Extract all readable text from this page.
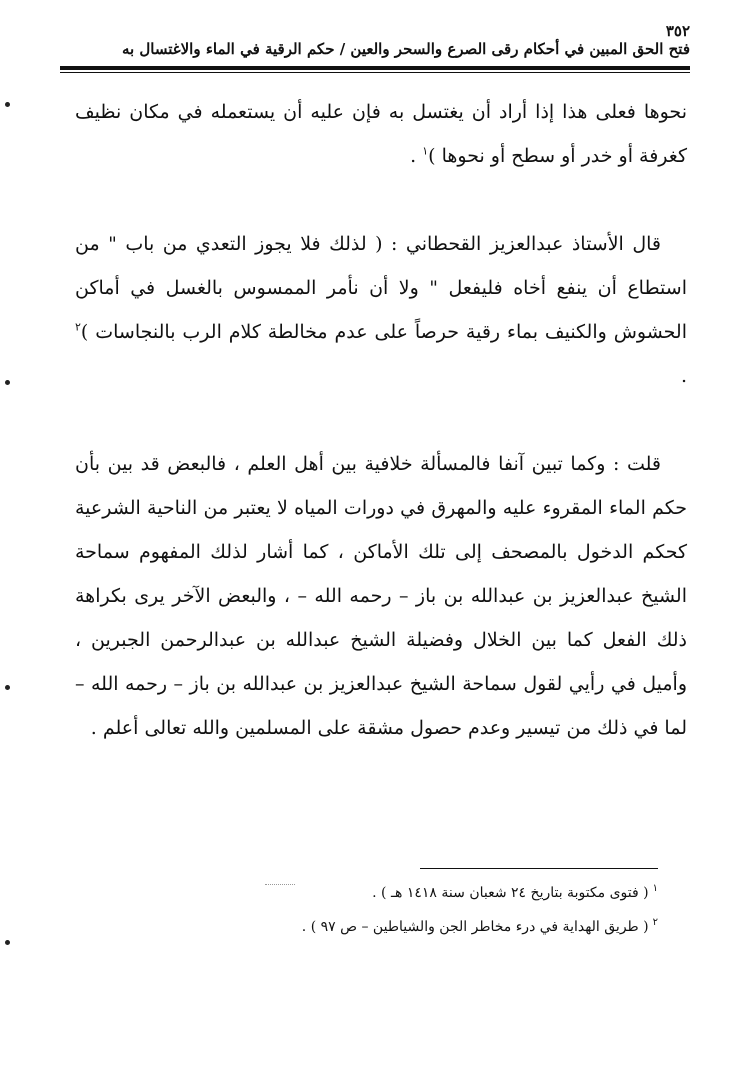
٣٥٢
فتح الحق المبين في أحكام رقى الصرع والسحر والعين / حكم الرقية في الماء والاغتسال به

نحوها فعلى هذا إذا أراد أن يغتسل به فإن عليه أن يستعمله في مكان نظيف كغرفة أو خدر أو سطح أو نحوها )$^١$ .

قال الأستاذ عبدالعزيز القحطاني : ( لذلك فلا يجوز التعدي من باب " من استطاع أن ينفع أخاه فليفعل " ولا أن نأمر الممسوس بالغسل في أماكن الحشوش والكنيف بماء رقية حرصاً على عدم مخالطة كلام الرب بالنجاسات )$^٢$ .

قلت : وكما تبين آنفا فالمسألة خلافية بين أهل العلم ، فالبعض قد بين بأن حكم الماء المقروء عليه والمهرق في دورات المياه لا يعتبر من الناحية الشرعية كحكم الدخول بالمصحف إلى تلك الأماكن ، كما أشار لذلك المفهوم سماحة الشيخ عبدالعزيز بن عبدالله بن باز – رحمه الله – ، والبعض الآخر يرى بكراهة ذلك الفعل كما بين الخلال وفضيلة الشيخ عبدالله بن عبدالرحمن الجبرين ، وأميل في رأيي لقول سماحة الشيخ عبدالعزيز بن عبدالله بن باز – رحمه الله – لما في ذلك من تيسير وعدم حصول مشقة على المسلمين والله تعالى أعلم .

$^١$( فتوى مكتوبة بتاريخ ٢٤ شعبان سنة ١٤١٨ هـ ) .
$^٢$( طريق الهداية في درء مخاطر الجن والشياطين – ص ٩٧ ) .
